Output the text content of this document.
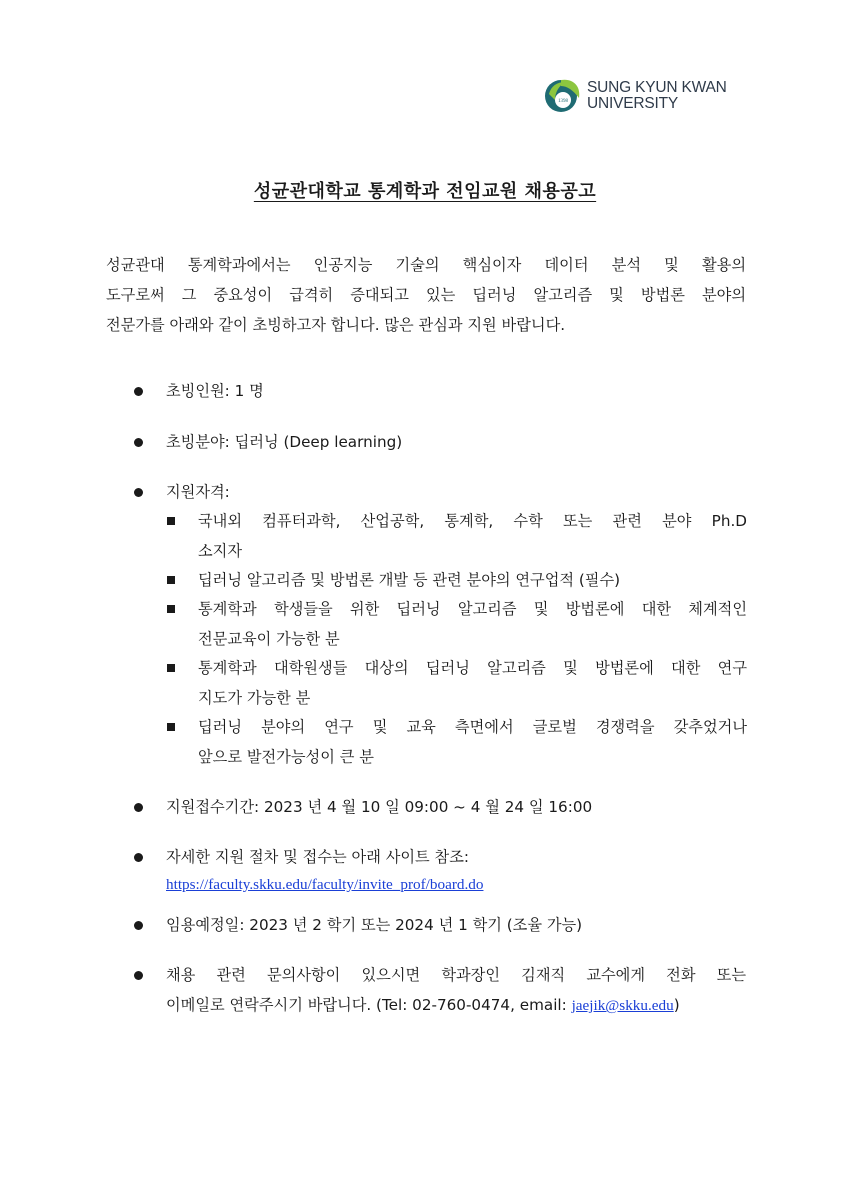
1398
SUNG KYUN KWAN
UNIVERSITY
성균관대학교 통계학과 전임교원 채용공고
성균관대 통계학과에서는 인공지능 기술의 핵심이자 데이터 분석 및 활용의
도구로써 그 중요성이 급격히 증대되고 있는 딥러닝 알고리즘 및 방법론 분야의
전문가를 아래와 같이 초빙하고자 합니다. 많은 관심과 지원 바랍니다.
초빙인원: 1 명
초빙분야: 딥러닝 (Deep learning)
지원자격:
국내외 컴퓨터과학, 산업공학, 통계학, 수학 또는 관련 분야 Ph.D
소지자
딥러닝 알고리즘 및 방법론 개발 등 관련 분야의 연구업적 (필수)
통계학과 학생들을 위한 딥러닝 알고리즘 및 방법론에 대한 체계적인
전문교육이 가능한 분
통계학과 대학원생들 대상의 딥러닝 알고리즘 및 방법론에 대한 연구
지도가 가능한 분
딥러닝 분야의 연구 및 교육 측면에서 글로벌 경쟁력을 갖추었거나
앞으로 발전가능성이 큰 분
지원접수기간: 2023 년 4 월 10 일 09:00 ~ 4 월 24 일 16:00
자세한 지원 절차 및 접수는 아래 사이트 참조:
https://faculty.skku.edu/faculty/invite_prof/board.do
임용예정일: 2023 년 2 학기 또는 2024 년 1 학기 (조율 가능)
채용 관련 문의사항이 있으시면 학과장인 김재직 교수에게 전화 또는
이메일로 연락주시기 바랍니다. (Tel: 02-760-0474, email: jaejik@skku.edu)
